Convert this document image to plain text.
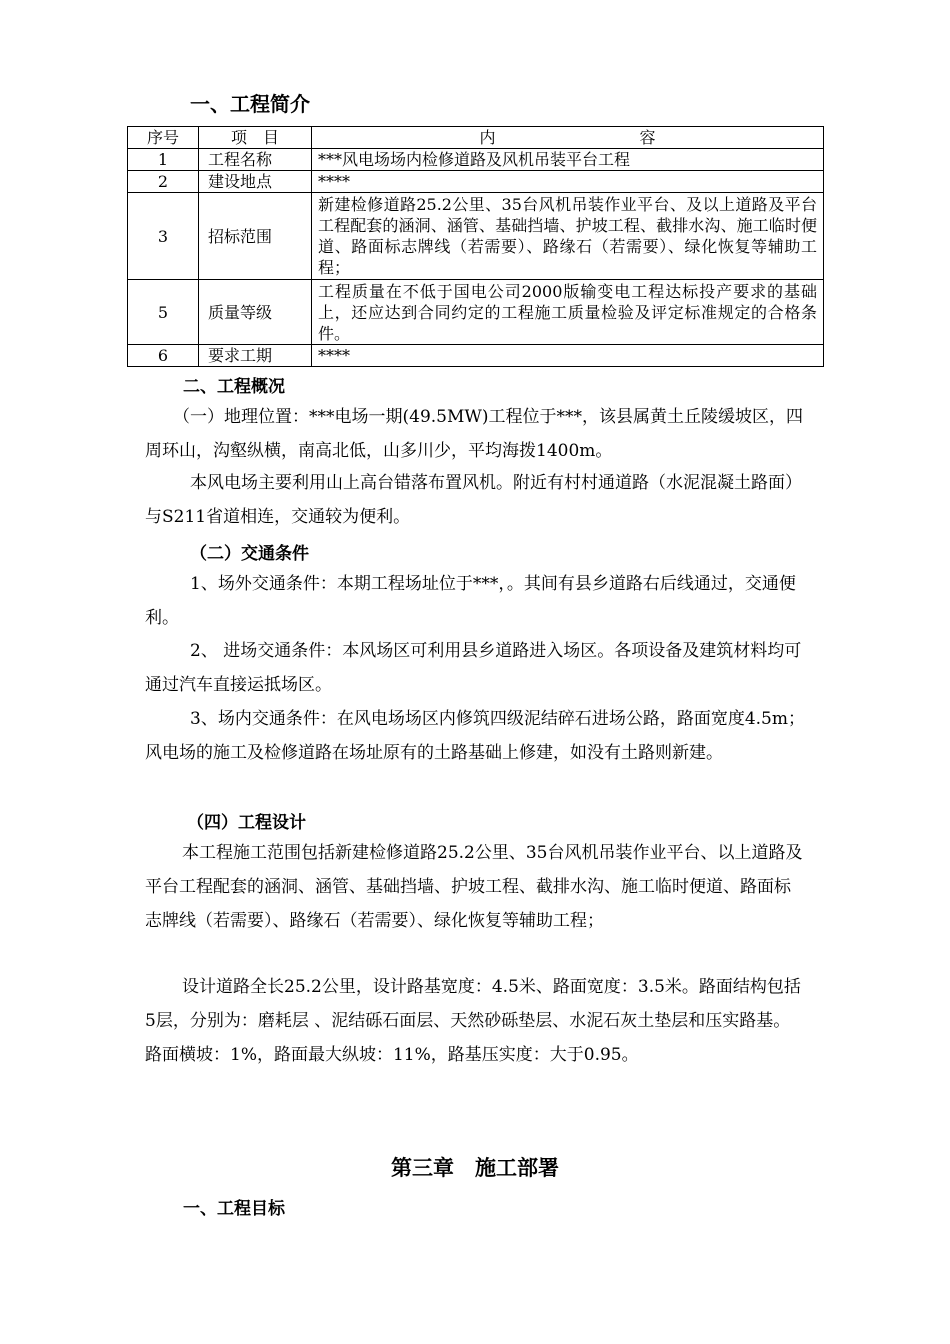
一、工程简介
序号	项　目	内　　　　　　　　　容
1	工程名称	***风电场场内检修道路及风机吊装平台工程
2	建设地点	****
3	招标范围	新建检修道路25.2公里、35台风机吊装作业平台、及以上道路及平台工程配套的涵洞、涵管、基础挡墙、护坡工程、截排水沟、施工临时便道、路面标志牌线（若需要）、路缘石（若需要）、绿化恢复等辅助工程；
5	质量等级	工程质量在不低于国电公司2000版输变电工程达标投产要求的基础上，还应达到合同约定的工程施工质量检验及评定标准规定的合格条件。
6	要求工期	****
二、工程概况
（一）地理位置：***电场一期(49.5MW)工程位于***，该县属黄土丘陵缓坡区，四周环山，沟壑纵横，南高北低，山多川少，平均海拨1400m。
本风电场主要利用山上高台错落布置风机。附近有村村通道路（水泥混凝土路面）与S211省道相连，交通较为便利。
（二）交通条件
1、场外交通条件：本期工程场址位于***，。其间有县乡道路右后线通过，交通便利。
2、 进场交通条件：本风场区可利用县乡道路进入场区。各项设备及建筑材料均可通过汽车直接运抵场区。
3、场内交通条件：在风电场场区内修筑四级泥结碎石进场公路，路面宽度4.5m；风电场的施工及检修道路在场址原有的土路基础上修建，如没有土路则新建。
（四）工程设计
本工程施工范围包括新建检修道路25.2公里、35台风机吊装作业平台、以上道路及平台工程配套的涵洞、涵管、基础挡墙、护坡工程、截排水沟、施工临时便道、路面标志牌线（若需要）、路缘石（若需要）、绿化恢复等辅助工程；
设计道路全长25.2公里，设计路基宽度：4.5米、路面宽度：3.5米。路面结构包括 5层，分别为：磨耗层 、泥结砾石面层、天然砂砾垫层、水泥石灰土垫层和压实路基。路面横坡：1%，路面最大纵坡：11%，路基压实度：大于0.95。
第三章　施工部署
一、工程目标
